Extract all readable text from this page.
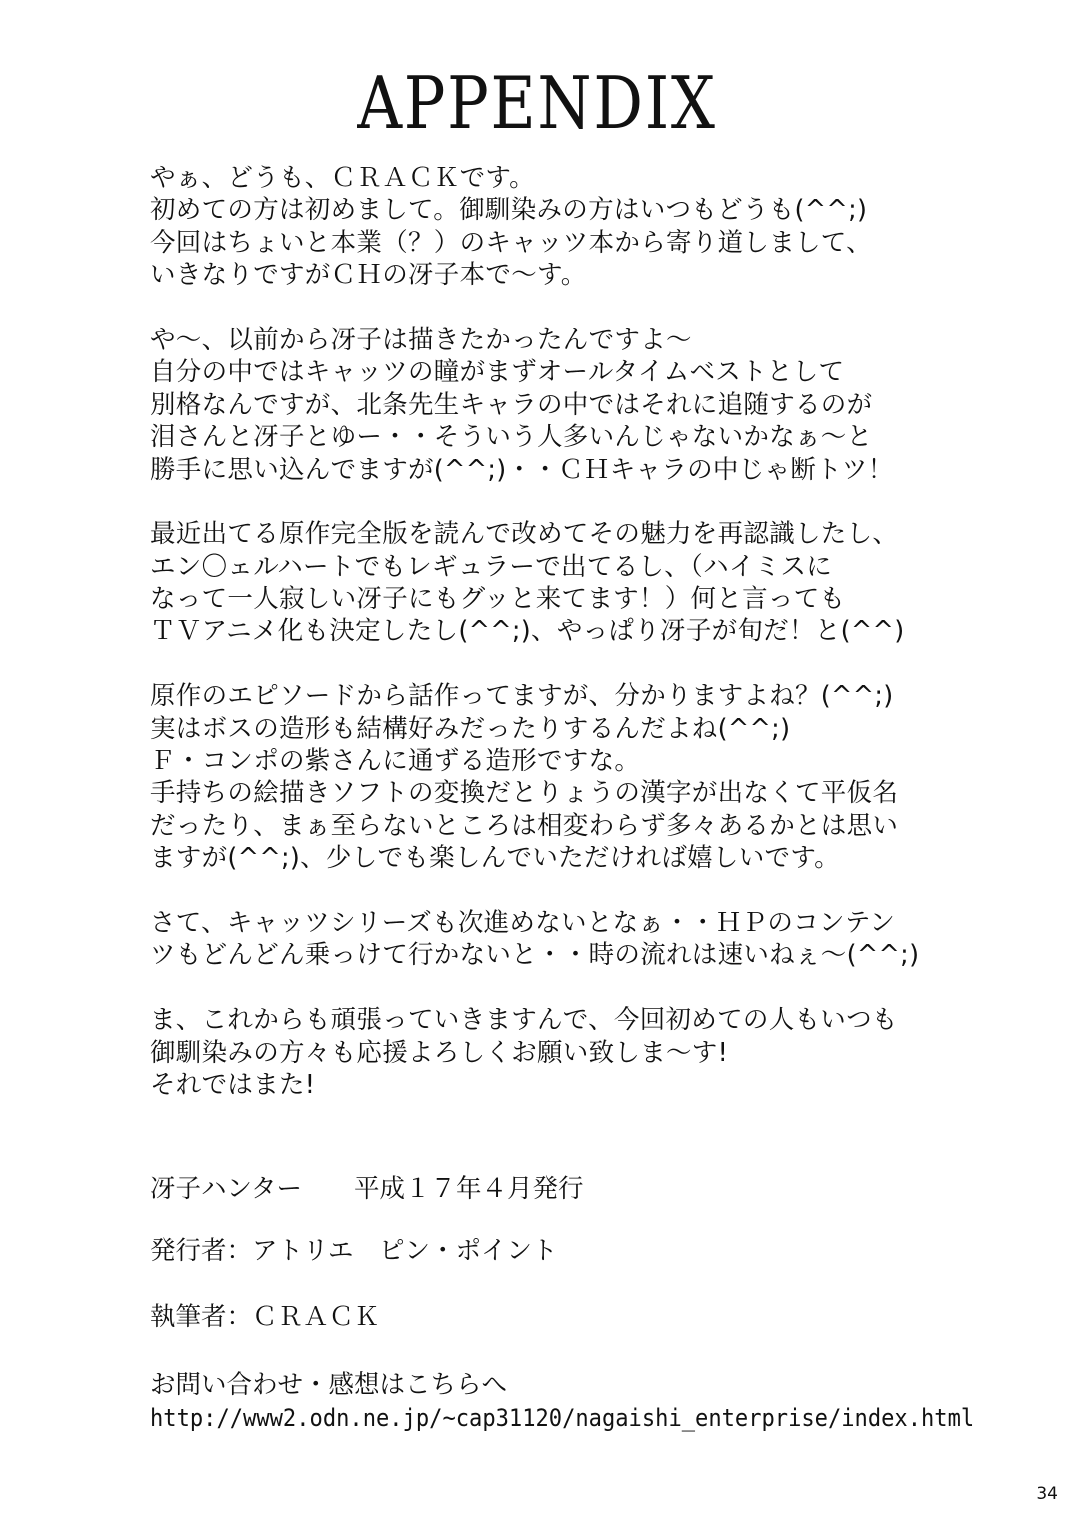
APPENDIX
やぁ、どうも、ＣＲＡＣＫです。
初めての方は初めまして。御馴染みの方はいつもどうも(^^;)
今回はちょいと本業（？）のキャッツ本から寄り道しまして、
いきなりですがＣＨの冴子本で〜す。
や〜、以前から冴子は描きたかったんですよ〜
自分の中ではキャッツの瞳がまずオールタイムベストとして
別格なんですが、北条先生キャラの中ではそれに追随するのが
泪さんと冴子とゆー・・そういう人多いんじゃないかなぁ〜と
勝手に思い込んでますが(^^;)・・ＣＨキャラの中じゃ断トツ！
最近出てる原作完全版を読んで改めてその魅力を再認識したし、
エン〇ェルハートでもレギュラーで出てるし、（ハイミスに
なって一人寂しい冴子にもグッと来てます！）何と言っても
ＴＶアニメ化も決定したし(^^;)、やっぱり冴子が旬だ！と(^^)
原作のエピソードから話作ってますが、分かりますよね？(^^;)
実はボスの造形も結構好みだったりするんだよね(^^;)
Ｆ・コンポの紫さんに通ずる造形ですな。
手持ちの絵描きソフトの変換だとりょうの漢字が出なくて平仮名
だったり、まぁ至らないところは相変わらず多々あるかとは思い
ますが(^^;)、少しでも楽しんでいただければ嬉しいです。
さて、キャッツシリーズも次進めないとなぁ・・ＨＰのコンテン
ツもどんどん乗っけて行かないと・・時の流れは速いねぇ〜(^^;)
ま、これからも頑張っていきますんで、今回初めての人もいつも
御馴染みの方々も応援よろしくお願い致しま〜す!
それではまた!
冴子ハンター 平成１７年４月発行
発行者：アトリエ　ピン・ポイント
執筆者：ＣＲＡＣＫ
お問い合わせ・感想はこちらへ
http://www2.odn.ne.jp/~cap31120/nagaishi_enterprise/index.html
34
